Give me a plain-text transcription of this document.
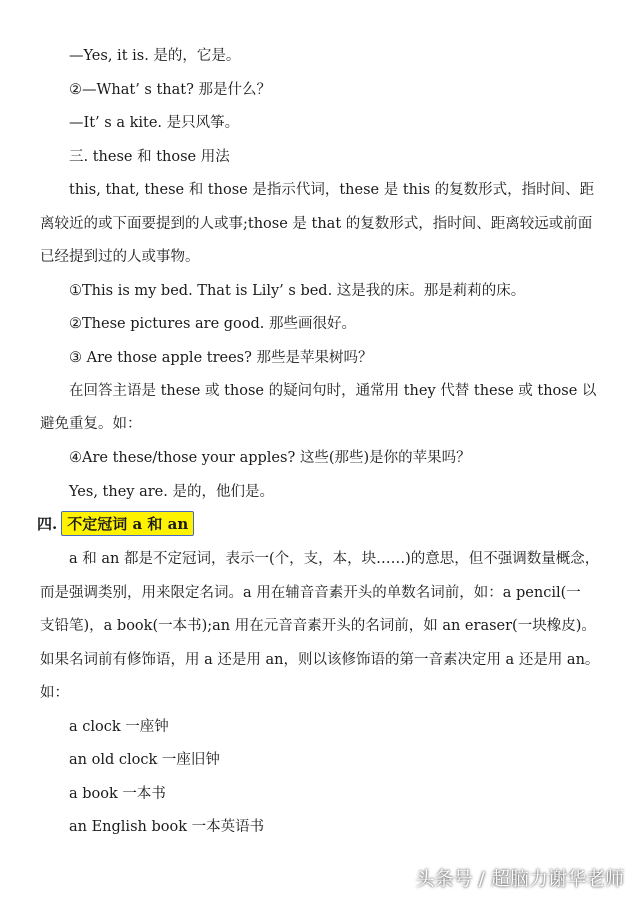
—Yes, it is. 是的，它是。
②—What’ s that? 那是什么？
—It’ s a kite. 是只风筝。
三. these 和 those 用法
this, that, these 和 those 是指示代词，these 是 this 的复数形式，指时间、距
离较近的或下面要提到的人或事;those 是 that 的复数形式，指时间、距离较远或前面
已经提到过的人或事物。
①This is my bed. That is Lily’ s bed. 这是我的床。那是莉莉的床。
②These pictures are good. 那些画很好。
③ Are those apple trees? 那些是苹果树吗？
在回答主语是 these 或 those 的疑问句时，通常用 they 代替 these 或 those 以
避免重复。如：
④Are these/those your apples? 这些(那些)是你的苹果吗？
Yes, they are. 是的，他们是。
四. 不定冠词 a 和 an
a 和 an 都是不定冠词，表示一(个，支，本，块……)的意思，但不强调数量概念，
而是强调类别，用来限定名词。a 用在辅音音素开头的单数名词前，如：a pencil(一
支铅笔)，a book(一本书);an 用在元音音素开头的名词前，如 an eraser(一块橡皮)。
如果名词前有修饰语，用 a 还是用 an，则以该修饰语的第一音素决定用 a 还是用 an。
如：
a clock 一座钟
an old clock 一座旧钟
a book 一本书
an English book 一本英语书
头条号 / 超脑力谢华老师
